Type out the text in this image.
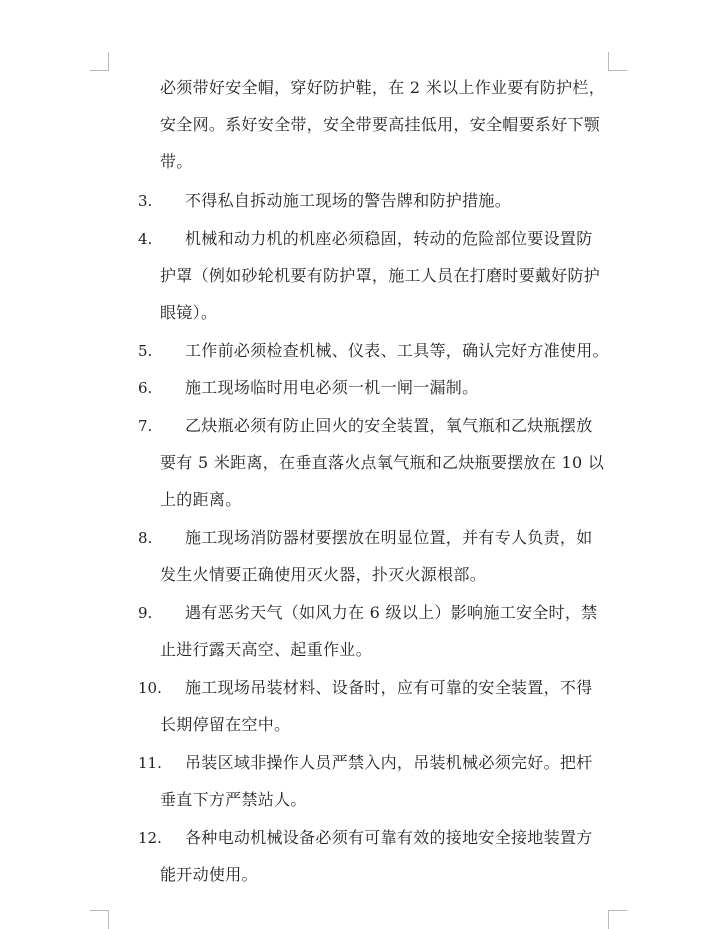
必须带好安全帽，穿好防护鞋，在 2 米以上作业要有防护栏，
安全网。系好安全带，安全带要高挂低用，安全帽要系好下颚
带。
3. 不得私自拆动施工现场的警告牌和防护措施。
4. 机械和动力机的机座必须稳固，转动的危险部位要设置防
护罩（例如砂轮机要有防护罩，施工人员在打磨时要戴好防护
眼镜）。
5. 工作前必须检查机械、仪表、工具等，确认完好方准使用。
6. 施工现场临时用电必须一机一闸一漏制。
7. 乙炔瓶必须有防止回火的安全装置，氧气瓶和乙炔瓶摆放
要有 5 米距离，在垂直落火点氧气瓶和乙炔瓶要摆放在 10 以
上的距离。
8. 施工现场消防器材要摆放在明显位置，并有专人负责，如
发生火情要正确使用灭火器，扑灭火源根部。
9. 遇有恶劣天气（如风力在 6 级以上）影响施工安全时，禁
止进行露天高空、起重作业。
10. 施工现场吊装材料、设备时，应有可靠的安全装置，不得
长期停留在空中。
11. 吊装区域非操作人员严禁入内，吊装机械必须完好。把杆
垂直下方严禁站人。
12. 各种电动机械设备必须有可靠有效的接地安全接地装置方
能开动使用。
